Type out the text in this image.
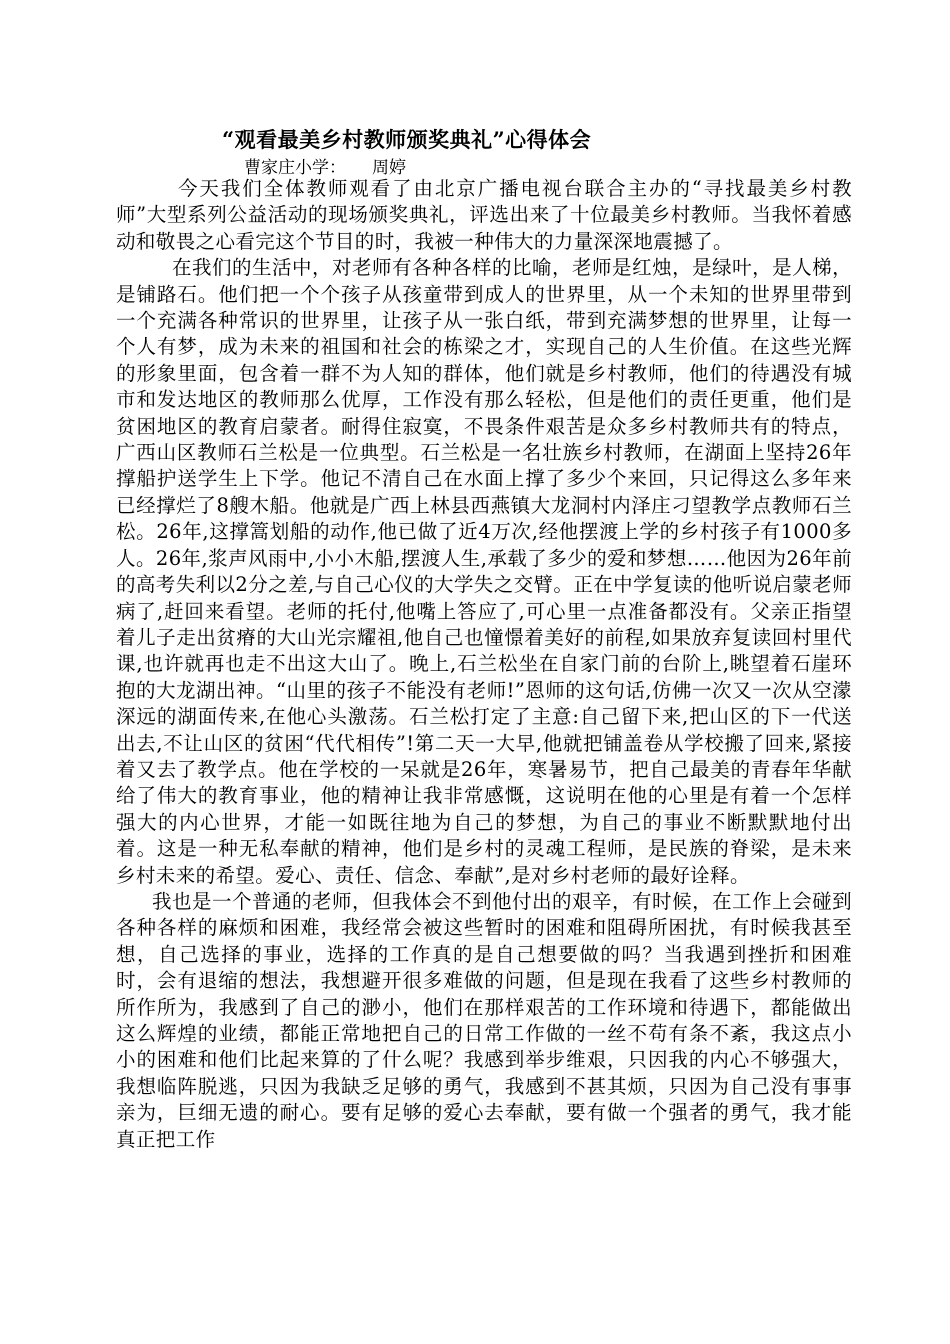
“观看最美乡村教师颁奖典礼”心得体会
曹家庄小学： 周婷

今天我们全体教师观看了由北京广播电视台联合主办的“寻找最美乡村教师”大型系列公益活动的现场颁奖典礼，评选出来了十位最美乡村教师。当我怀着感动和敬畏之心看完这个节目的时，我被一种伟大的力量深深地震撼了。

在我们的生活中，对老师有各种各样的比喻，老师是红烛，是绿叶，是人梯，是铺路石。他们把一个个孩子从孩童带到成人的世界里，从一个未知的世界里带到一个充满各种常识的世界里，让孩子从一张白纸，带到充满梦想的世界里，让每一个人有梦，成为未来的祖国和社会的栋梁之才，实现自己的人生价值。在这些光辉的形象里面，包含着一群不为人知的群体，他们就是乡村教师，他们的待遇没有城市和发达地区的教师那么优厚，工作没有那么轻松，但是他们的责任更重，他们是贫困地区的教育启蒙者。耐得住寂寞，不畏条件艰苦是众多乡村教师共有的特点，广西山区教师石兰松是一位典型。石兰松是一名壮族乡村教师，在湖面上坚持26年撑船护送学生上下学。他记不清自己在水面上撑了多少个来回，只记得这么多年来已经撑烂了8艘木船。他就是广西上林县西燕镇大龙洞村内泽庄刁望教学点教师石兰松。26年,这撑篙划船的动作,他已做了近4万次,经他摆渡上学的乡村孩子有1000多人。26年,浆声风雨中,小小木船,摆渡人生,承载了多少的爱和梦想……他因为26年前的高考失利以2分之差,与自己心仪的大学失之交臂。正在中学复读的他听说启蒙老师病了,赶回来看望。老师的托付,他嘴上答应了,可心里一点准备都没有。父亲正指望着儿子走出贫瘠的大山光宗耀祖,他自己也憧憬着美好的前程,如果放弃复读回村里代课,也许就再也走不出这大山了。晚上,石兰松坐在自家门前的台阶上,眺望着石崖环抱的大龙湖出神。“山里的孩子不能没有老师!”恩师的这句话,仿佛一次又一次从空濛深远的湖面传来,在他心头激荡。石兰松打定了主意:自己留下来,把山区的下一代送出去,不让山区的贫困“代代相传”!第二天一大早,他就把铺盖卷从学校搬了回来,紧接着又去了教学点。他在学校的一呆就是26年，寒暑易节，把自己最美的青春年华献给了伟大的教育事业，他的精神让我非常感慨，这说明在他的心里是有着一个怎样强大的内心世界，才能一如既往地为自己的梦想，为自己的事业不断默默地付出着。这是一种无私奉献的精神，他们是乡村的灵魂工程师，是民族的脊梁，是未来乡村未来的希望。爱心、责任、信念、奉献”,是对乡村老师的最好诠释。

我也是一个普通的老师，但我体会不到他付出的艰辛，有时候，在工作上会碰到各种各样的麻烦和困难，我经常会被这些暂时的困难和阻碍所困扰，有时候我甚至想，自己选择的事业，选择的工作真的是自己想要做的吗？当我遇到挫折和困难时，会有退缩的想法，我想避开很多难做的问题，但是现在我看了这些乡村教师的所作所为，我感到了自己的渺小，他们在那样艰苦的工作环境和待遇下，都能做出这么辉煌的业绩，都能正常地把自己的日常工作做的一丝不苟有条不紊，我这点小小的困难和他们比起来算的了什么呢？我感到举步维艰，只因我的内心不够强大，我想临阵脱逃，只因为我缺乏足够的勇气，我感到不甚其烦，只因为自己没有事事亲为，巨细无遗的耐心。要有足够的爱心去奉献，要有做一个强者的勇气，我才能真正把工作
